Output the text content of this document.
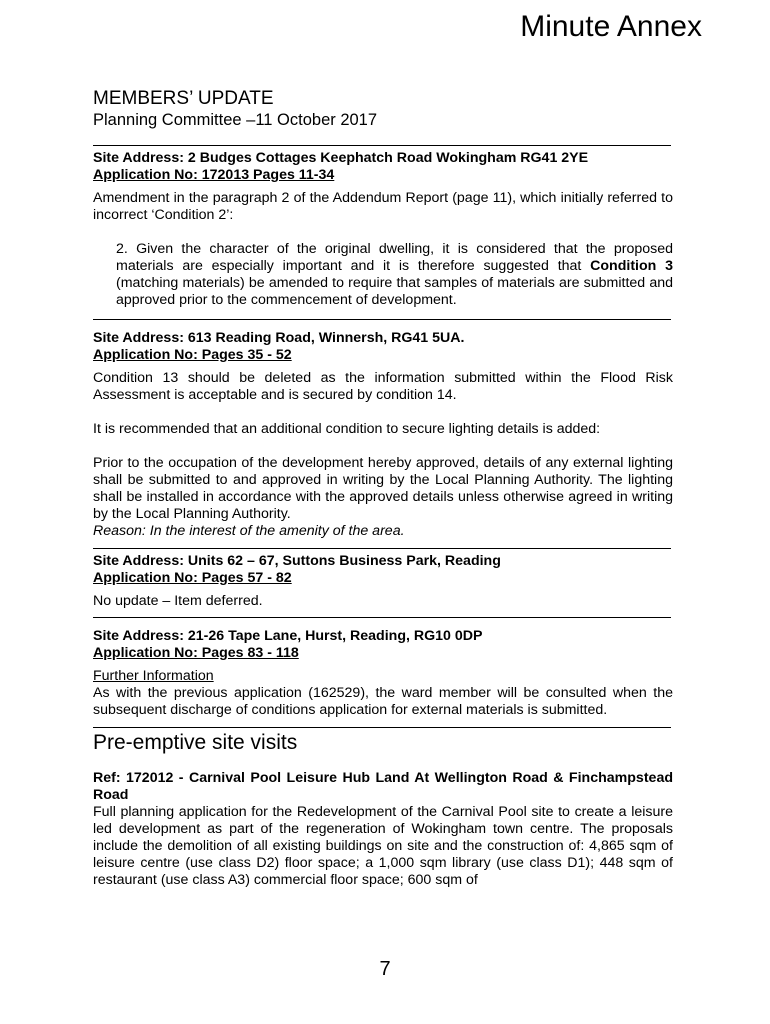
Minute Annex
MEMBERS’ UPDATE
Planning Committee –11 October 2017

Site Address: 2 Budges Cottages Keephatch Road Wokingham RG41 2YE

Application No: 172013 Pages 11-34

Amendment in the paragraph 2 of the Addendum Report (page 11), which initially referred to incorrect ‘Condition 2’:

2. Given the character of the original dwelling, it is considered that the proposed materials are especially important and it is therefore suggested that Condition 3 (matching materials) be amended to require that samples of materials are submitted and approved prior to the commencement of development.

Site Address: 613 Reading Road, Winnersh, RG41 5UA.

Application No: Pages 35 - 52

Condition 13 should be deleted as the information submitted within the Flood Risk Assessment is acceptable and is secured by condition 14.

It is recommended that an additional condition to secure lighting details is added:

Prior to the occupation of the development hereby approved, details of any external lighting shall be submitted to and approved in writing by the Local Planning Authority. The lighting shall be installed in accordance with the approved details unless otherwise agreed in writing by the Local Planning Authority.

Reason: In the interest of the amenity of the area.

Site Address: Units 62 – 67, Suttons Business Park, Reading

Application No: Pages 57 - 82

No update – Item deferred.

Site Address: 21-26 Tape Lane, Hurst, Reading, RG10 0DP

Application No: Pages 83 - 118

Further Information

As with the previous application (162529), the ward member will be consulted when the subsequent discharge of conditions application for external materials is submitted.

Pre-emptive site visits

Ref: 172012 - Carnival Pool Leisure Hub Land At Wellington Road & Finchampstead Road

Full planning application for the Redevelopment of the Carnival Pool site to create a leisure led development as part of the regeneration of Wokingham town centre. The proposals include the demolition of all existing buildings on site and the construction of: 4,865 sqm of leisure centre (use class D2) floor space; a 1,000 sqm library (use class D1); 448 sqm of restaurant (use class A3) commercial floor space; 600 sqm of

7
